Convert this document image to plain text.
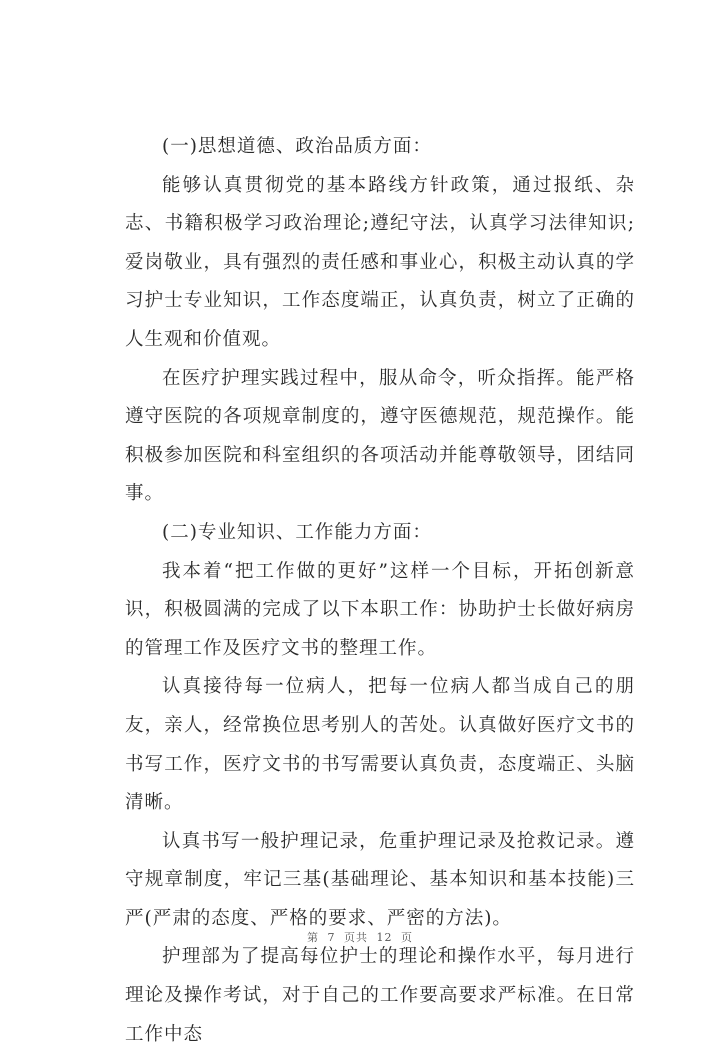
(一)思想道德、政治品质方面：

能够认真贯彻党的基本路线方针政策，通过报纸、杂志、书籍积极学习政治理论;遵纪守法，认真学习法律知识;爱岗敬业，具有强烈的责任感和事业心，积极主动认真的学习护士专业知识，工作态度端正，认真负责，树立了正确的人生观和价值观。

在医疗护理实践过程中，服从命令，听众指挥。能严格遵守医院的各项规章制度的，遵守医德规范，规范操作。能积极参加医院和科室组织的各项活动并能尊敬领导，团结同事。

(二)专业知识、工作能力方面：

我本着“把工作做的更好”这样一个目标，开拓创新意识，积极圆满的完成了以下本职工作：协助护士长做好病房的管理工作及医疗文书的整理工作。

认真接待每一位病人，把每一位病人都当成自己的朋友，亲人，经常换位思考别人的苦处。认真做好医疗文书的书写工作，医疗文书的书写需要认真负责，态度端正、头脑清晰。

认真书写一般护理记录，危重护理记录及抢救记录。遵守规章制度，牢记三基(基础理论、基本知识和基本技能)三严(严肃的态度、严格的要求、严密的方法)。

护理部为了提高每位护士的理论和操作水平，每月进行理论及操作考试，对于自己的工作要高要求严标准。在日常工作中态

第 7 页共 12 页
